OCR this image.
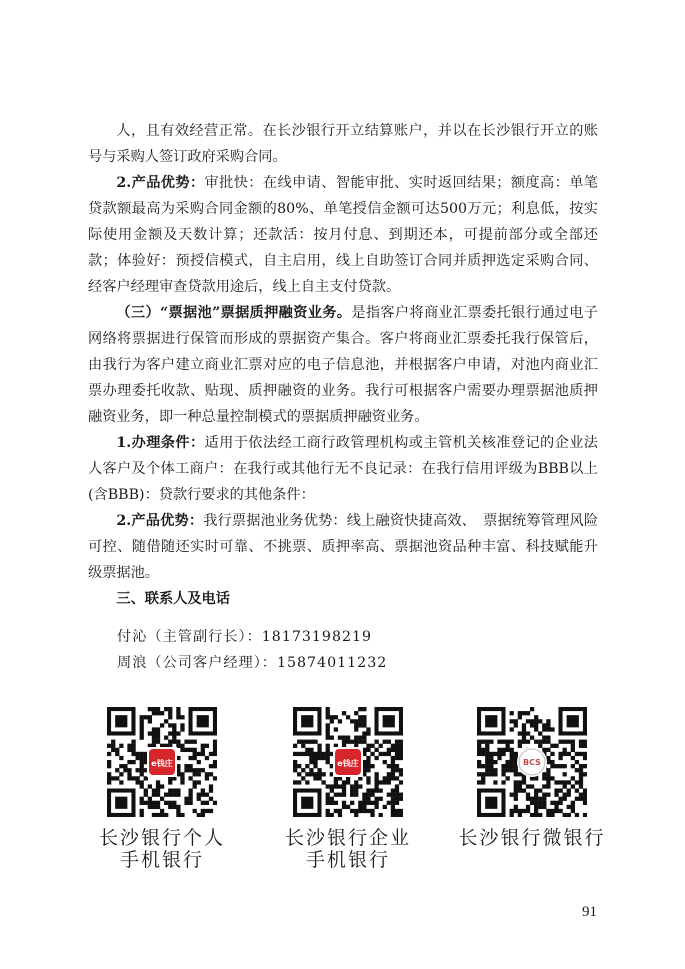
人，且有效经营正常。在长沙银行开立结算账户，并以在长沙银行开立的账号与采购人签订政府采购合同。

2.产品优势：审批快：在线申请、智能审批、实时返回结果；额度高：单笔贷款额最高为采购合同金额的80%、单笔授信金额可达500万元；利息低，按实际使用金额及天数计算；还款活：按月付息、到期还本，可提前部分或全部还款；体验好：预授信模式，自主启用，线上自助签订合同并质押选定采购合同、经客户经理审查贷款用途后，线上自主支付贷款。

（三）“票据池”票据质押融资业务。是指客户将商业汇票委托银行通过电子网络将票据进行保管而形成的票据资产集合。客户将商业汇票委托我行保管后，由我行为客户建立商业汇票对应的电子信息池，并根据客户申请，对池内商业汇票办理委托收款、贴现、质押融资的业务。我行可根据客户需要办理票据池质押融资业务，即一种总量控制模式的票据质押融资业务。

1.办理条件：适用于依法经工商行政管理机构或主管机关核准登记的企业法人客户及个体工商户：在我行或其他行无不良记录：在我行信用评级为BBB以上(含BBB)：贷款行要求的其他条件：

2.产品优势：我行票据池业务优势：线上融资快捷高效、　票据统筹管理风险可控、随借随还实时可靠、不挑票、质押率高、票据池资品种丰富、科技赋能升级票据池。

三、联系人及电话

付沁（主管副行长）：18173198219
周浪（公司客户经理）：15874011232
e钱庄
长沙银行个人
手机银行
e钱庄
长沙银行企业
手机银行
BCS
长沙银行微银行
91
